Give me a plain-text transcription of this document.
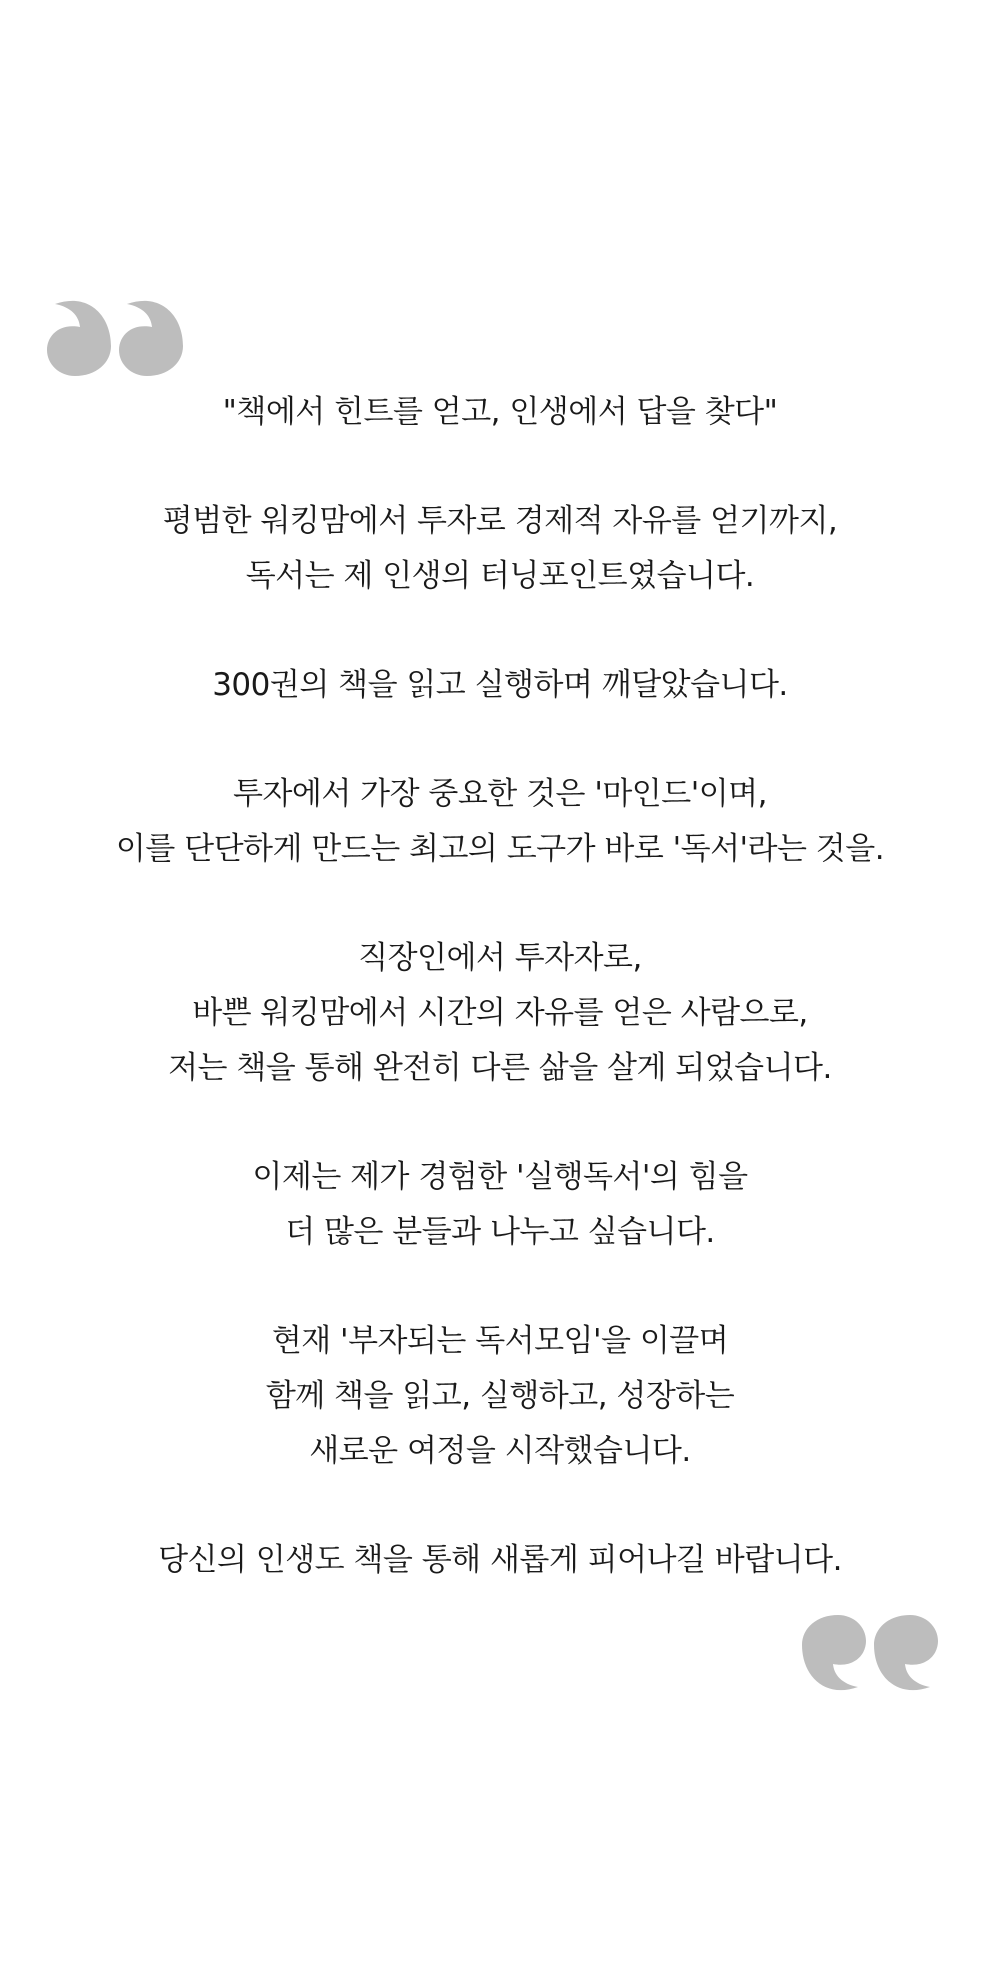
"책에서 힌트를 얻고, 인생에서 답을 찾다"
평범한 워킹맘에서 투자로 경제적 자유를 얻기까지,
독서는 제 인생의 터닝포인트였습니다.
300권의 책을 읽고 실행하며 깨달았습니다.
투자에서 가장 중요한 것은 '마인드'이며,
이를 단단하게 만드는 최고의 도구가 바로 '독서'라는 것을.
직장인에서 투자자로,
바쁜 워킹맘에서 시간의 자유를 얻은 사람으로,
저는 책을 통해 완전히 다른 삶을 살게 되었습니다.
이제는 제가 경험한 '실행독서'의 힘을
더 많은 분들과 나누고 싶습니다.
현재 '부자되는 독서모임'을 이끌며
함께 책을 읽고, 실행하고, 성장하는
새로운 여정을 시작했습니다.
당신의 인생도 책을 통해 새롭게 피어나길 바랍니다.
